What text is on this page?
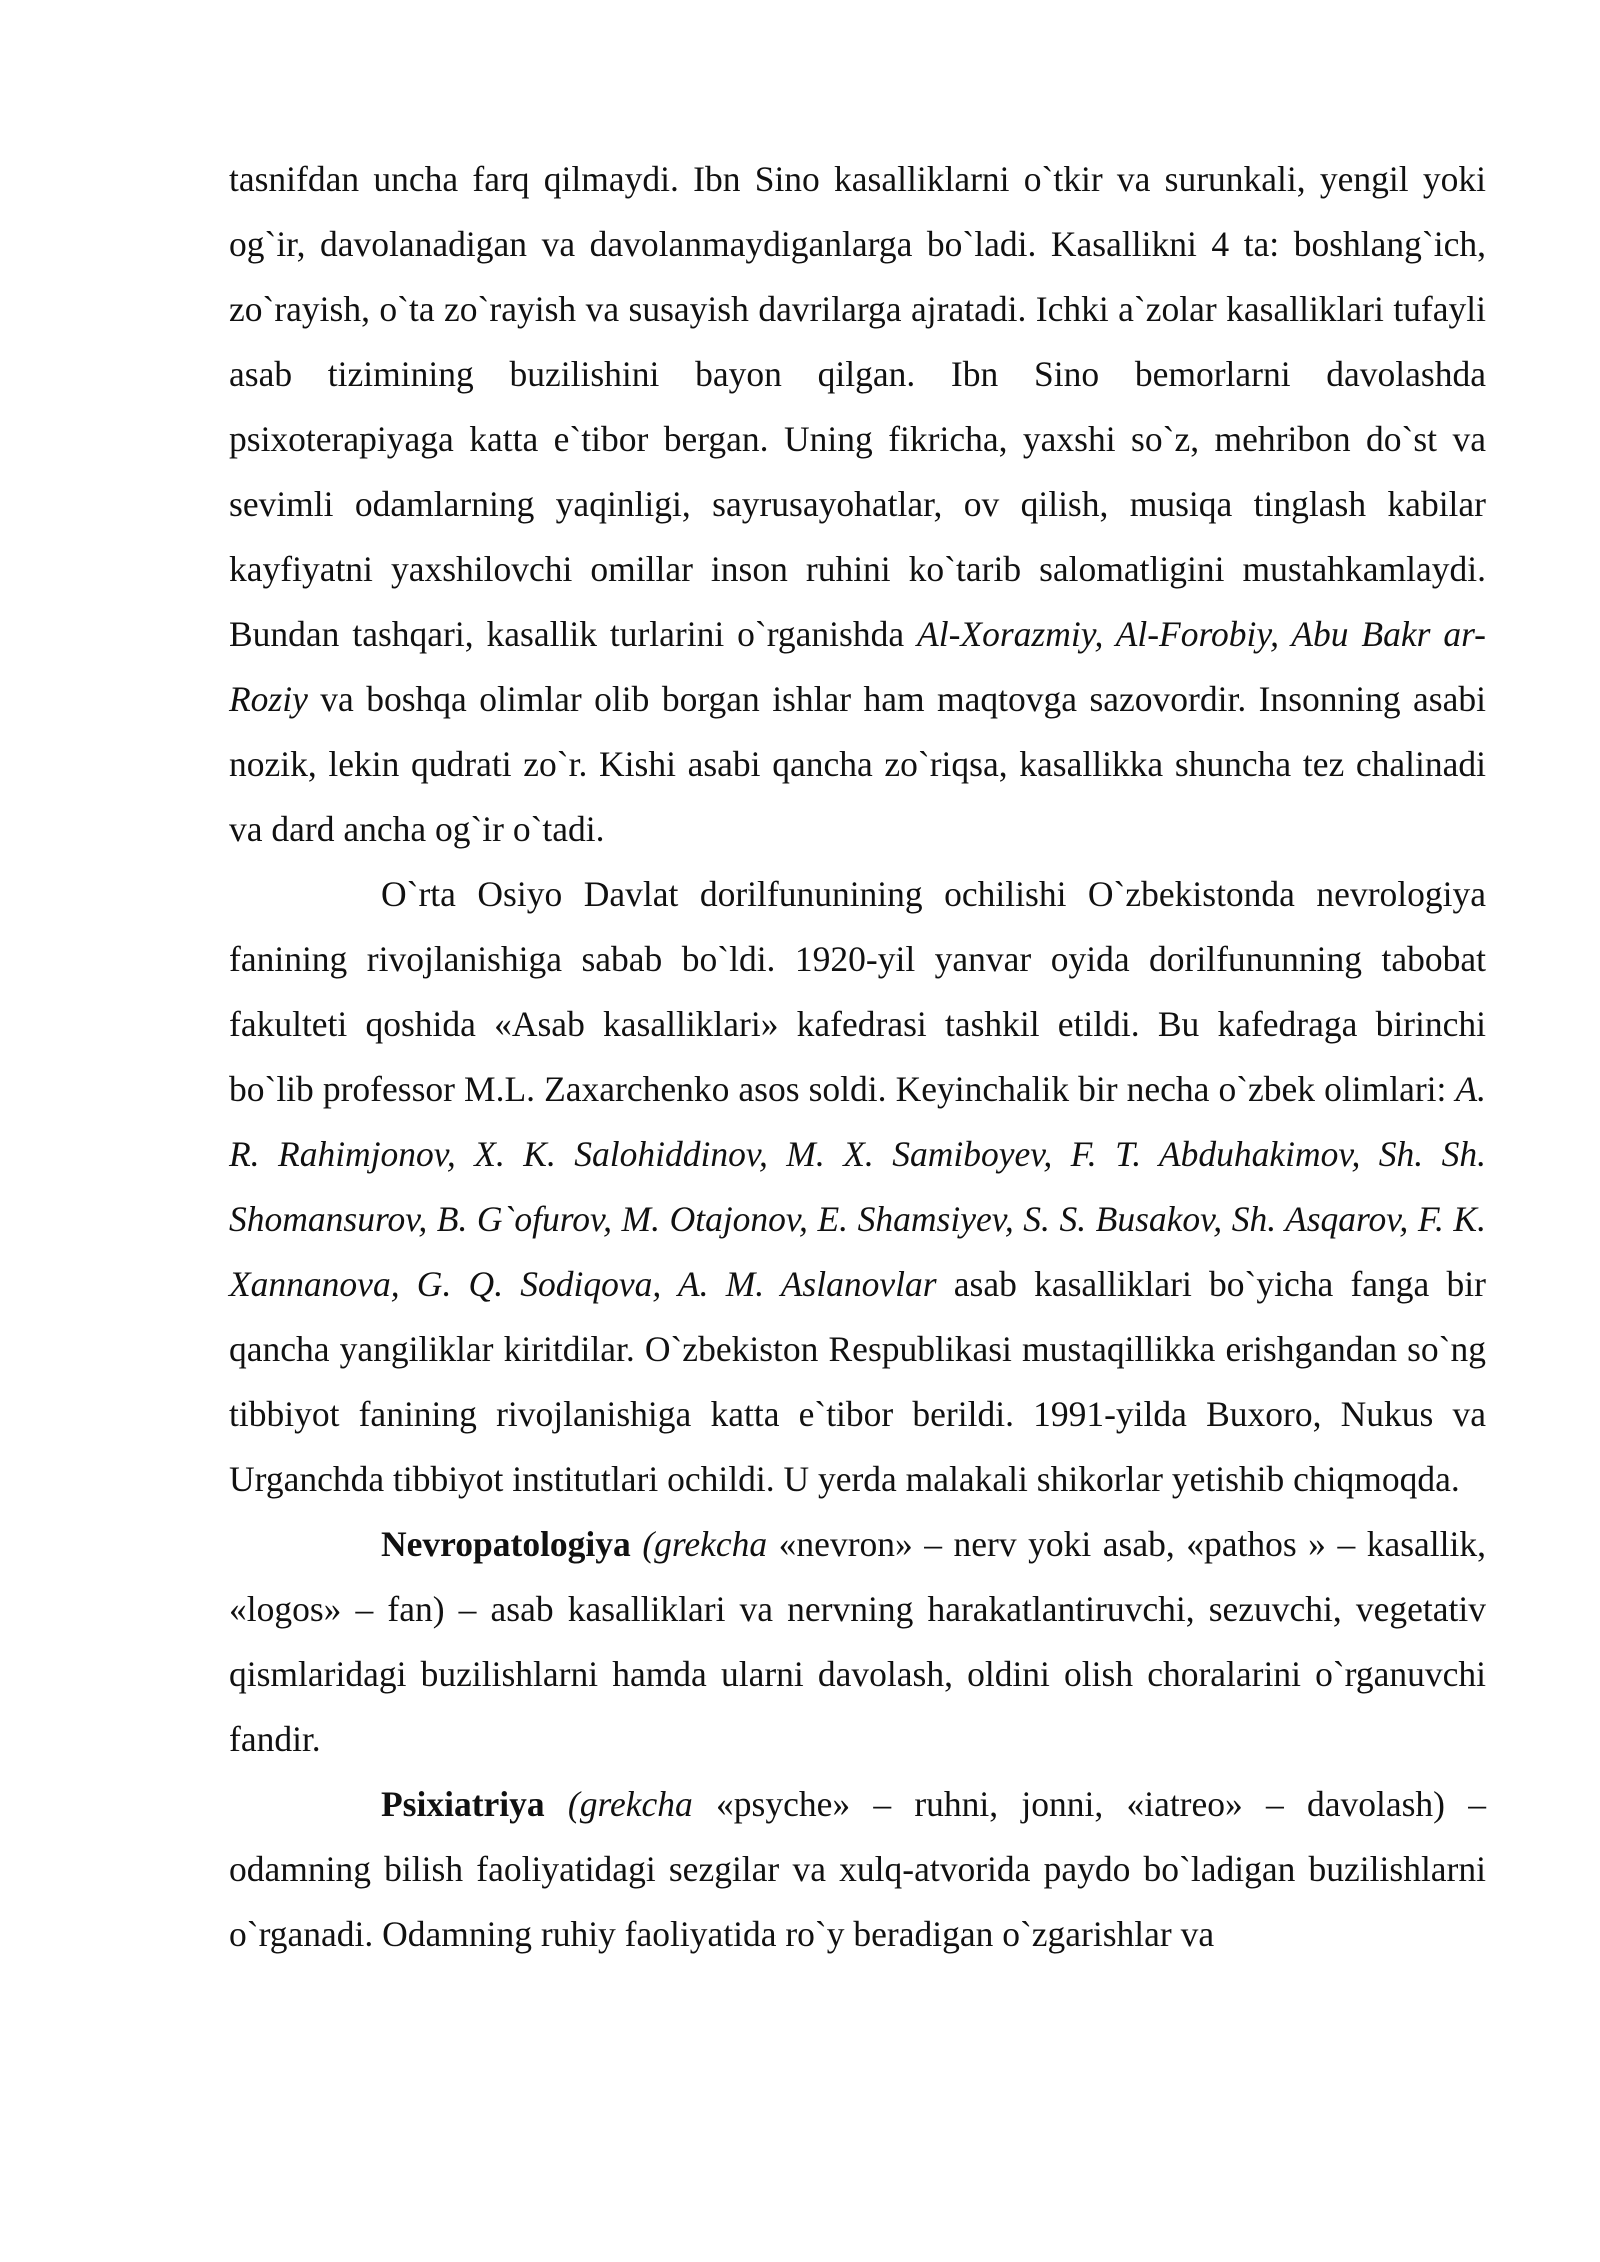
tasnifdan uncha farq qilmaydi. Ibn Sino kasalliklarni o`tkir va surunkali, yengil yoki og`ir, davolanadigan va davolanmaydiganlarga bo`ladi. Kasallikni 4 ta: boshlang`ich, zo`rayish, o`ta zo`rayish va susayish davrilarga ajratadi. Ichki a`zolar kasalliklari tufayli asab tizimining buzilishini bayon qilgan. Ibn Sino bemorlarni davolashda psixoterapiyaga katta e`tibor bergan. Uning fikricha, yaxshi so`z, mehribon do`st va sevimli odamlarning yaqinligi, sayrusayohatlar, ov qilish, musiqa tinglash kabilar kayfiyatni yaxshilovchi omillar inson ruhini ko`tarib salomatligini mustahkamlaydi. Bundan tashqari, kasallik turlarini o`rganishda Al-Xorazmiy, Al-Forobiy, Abu Bakr ar-Roziy va boshqa olimlar olib borgan ishlar ham maqtovga sazovordir. Insonning asabi nozik, lekin qudrati zo`r. Kishi asabi qancha zo`riqsa, kasallikka shuncha tez chalinadi va dard ancha og`ir o`tadi.

O`rta Osiyo Davlat dorilfununining ochilishi O`zbekistonda nevrologiya fanining rivojlanishiga sabab bo`ldi. 1920-yil yanvar oyida dorilfununning tabobat fakulteti qoshida «Asab kasalliklari» kafedrasi tashkil etildi. Bu kafedraga birinchi bo`lib professor M.L. Zaxarchenko asos soldi. Keyinchalik bir necha o`zbek olimlari: A. R. Rahimjonov, X. K. Salohiddinov, M. X. Samiboyev, F. T. Abduhakimov, Sh. Sh. Shomansurov, B. G`ofurov, M. Otajonov, E. Shamsiyev, S. S. Busakov, Sh. Asqarov, F. K. Xannanova, G. Q. Sodiqova, A. M. Aslanovlar asab kasalliklari bo`yicha fanga bir qancha yangiliklar kiritdilar. O`zbekiston Respublikasi mustaqillikka erishgandan so`ng tibbiyot fanining rivojlanishiga katta e`tibor berildi. 1991-yilda Buxoro, Nukus va Urganchda tibbiyot institutlari ochildi. U yerda malakali shikorlar yetishib chiqmoqda.

Nevropatologiya (grekcha «nevron» – nerv yoki asab, «pathos » – kasallik, «logos» – fan) – asab kasalliklari va nervning harakatlantiruvchi, sezuvchi, vegetativ qismlaridagi buzilishlarni hamda ularni davolash, oldini olish choralarini o`rganuvchi fandir.

Psixiatriya (grekcha «psyche» – ruhni, jonni, «iatreo» – davolash) – odamning bilish faoliyatidagi sezgilar va xulq-atvorida paydo bo`ladigan buzilishlarni o`rganadi. Odamning ruhiy faoliyatida ro`y beradigan o`zgarishlar va
